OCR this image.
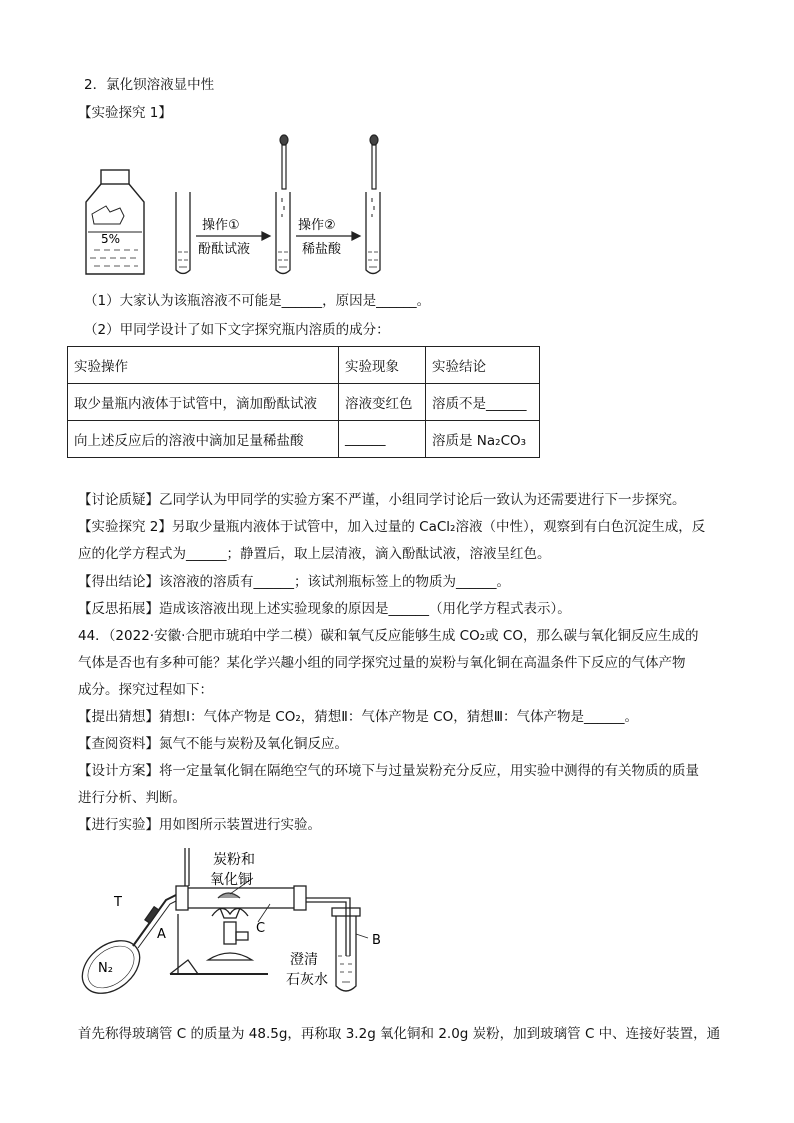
2．氯化钡溶液显中性
【实验探究 1】
5%
操作①
酚酞试液
操作②
稀盐酸
（1）大家认为该瓶溶液不可能是______，原因是______。
（2）甲同学设计了如下文字探究瓶内溶质的成分：
实验操作	实验现象	实验结论
取少量瓶内液体于试管中，滴加酚酞试液	溶液变红色	溶质不是______
向上述反应后的溶液中滴加足量稀盐酸	______	溶质是 Na₂CO₃
【讨论质疑】乙同学认为甲同学的实验方案不严谨，小组同学讨论后一致认为还需要进行下一步探究。
【实验探究 2】另取少量瓶内液体于试管中，加入过量的 CaCl₂溶液（中性），观察到有白色沉淀生成，反
应的化学方程式为______；静置后，取上层清液，滴入酚酞试液，溶液呈红色。
【得出结论】该溶液的溶质有______；该试剂瓶标签上的物质为______。
【反思拓展】造成该溶液出现上述实验现象的原因是______（用化学方程式表示）。
44．（2022·安徽·合肥市琥珀中学二模）碳和氧气反应能够生成 CO₂或 CO，那么碳与氧化铜反应生成的
气体是否也有多种可能？某化学兴趣小组的同学探究过量的炭粉与氧化铜在高温条件下反应的气体产物
成分。探究过程如下：
【提出猜想】猜想Ⅰ：气体产物是 CO₂，猜想Ⅱ：气体产物是 CO，猜想Ⅲ：气体产物是______。
【查阅资料】氮气不能与炭粉及氧化铜反应。
【设计方案】将一定量氧化铜在隔绝空气的环境下与过量炭粉充分反应，用实验中测得的有关物质的质量
进行分析、判断。
【进行实验】用如图所示装置进行实验。
炭粉和
氧化铜
T
A	C
B
N₂
澄清
石灰水
首先称得玻璃管 C 的质量为 48.5g，再称取 3.2g 氧化铜和 2.0g 炭粉，加到玻璃管 C 中、连接好装置，通
